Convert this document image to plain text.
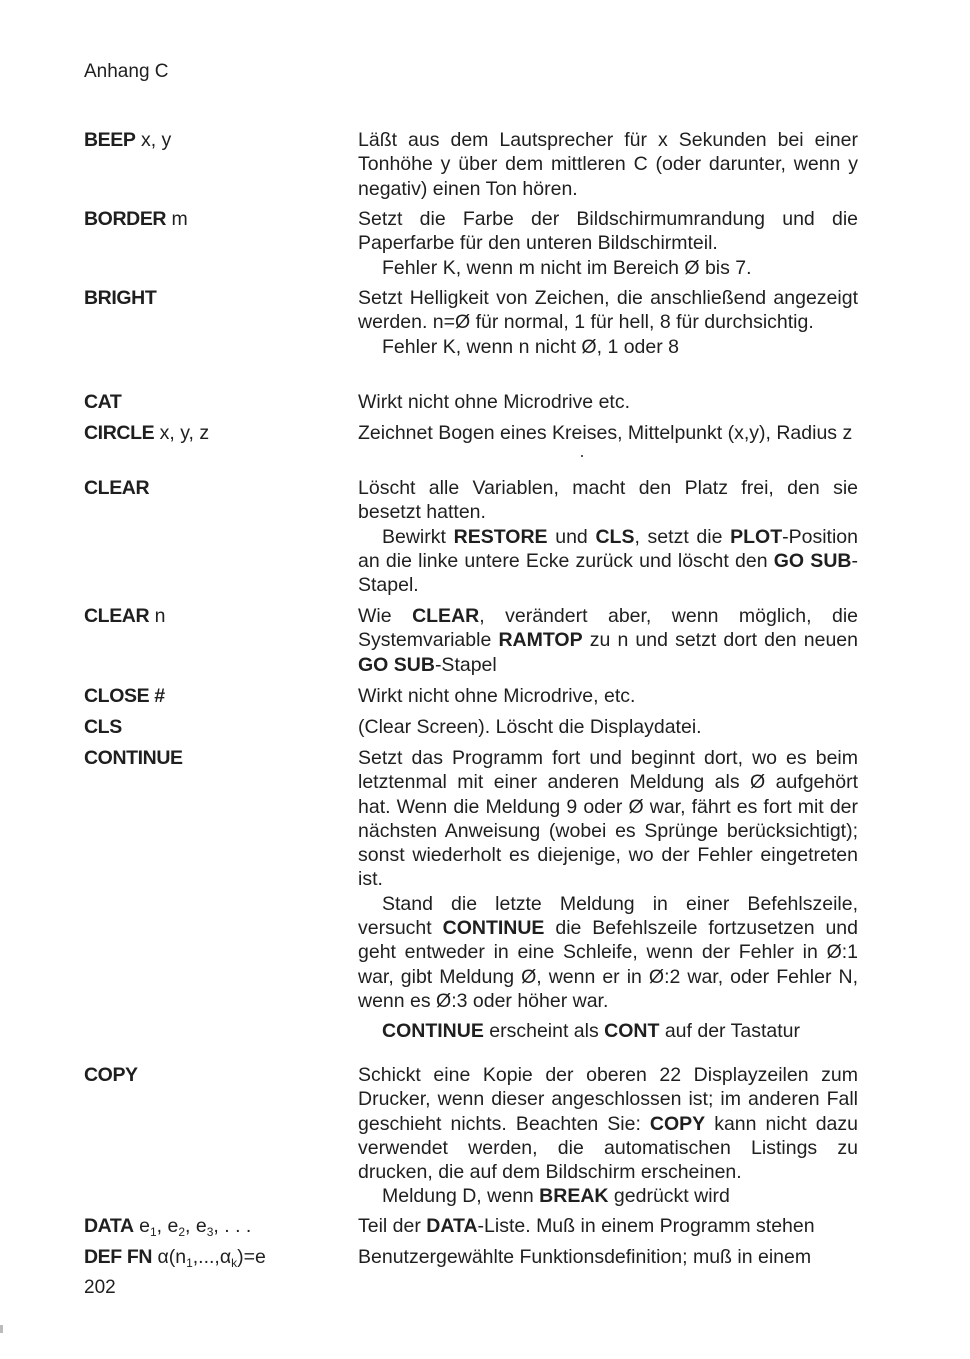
Anhang C
BEEP x, y	Läßt aus dem Lautsprecher für x Sekunden bei einer Tonhöhe y über dem mittleren C (oder darunter, wenn y negativ) einen Ton hören.

BORDER m	Setzt die Farbe der Bildschirmumrandung und die Paperfarbe für den unteren Bildschirmteil.

Fehler K, wenn m nicht im Bereich Ø bis 7.

BRIGHT	Setzt Helligkeit von Zeichen, die anschließend angezeigt werden. n=Ø für normal, 1 für hell, 8 für durchsichtig.

Fehler K, wenn n nicht Ø, 1 oder 8

CAT	Wirkt nicht ohne Microdrive etc.

CIRCLE x, y, z	Zeichnet Bogen eines Kreises, Mittelpunkt (x,y), Radius z

CLEAR	Löscht alle Variablen, macht den Platz frei, den sie besetzt hatten.

Bewirkt RESTORE und CLS, setzt die PLOT-Position an die linke untere Ecke zurück und löscht den GO SUB-Stapel.

CLEAR n	Wie CLEAR, verändert aber, wenn möglich, die Systemvariable RAMTOP zu n und setzt dort den neuen GO SUB-Stapel

CLOSE #	Wirkt nicht ohne Microdrive, etc.

CLS	(Clear Screen). Löscht die Displaydatei.

CONTINUE	Setzt das Programm fort und beginnt dort, wo es beim letztenmal mit einer anderen Meldung als Ø aufgehört hat. Wenn die Meldung 9 oder Ø war, fährt es fort mit der nächsten Anweisung (wobei es Sprünge berücksichtigt); sonst wiederholt es diejenige, wo der Fehler eingetreten ist.

Stand die letzte Meldung in einer Befehlszeile, versucht CONTINUE die Befehlszeile fortzusetzen und geht entweder in eine Schleife, wenn der Fehler in Ø:1 war, gibt Meldung Ø, wenn er in Ø:2 war, oder Fehler N, wenn es Ø:3 oder höher war.

CONTINUE erscheint als CONT auf der Tastatur

COPY	Schickt eine Kopie der oberen 22 Displayzeilen zum Drucker, wenn dieser angeschlossen ist; im anderen Fall geschieht nichts. Beachten Sie: COPY kann nicht dazu verwendet werden, die automatischen Listings zu drucken, die auf dem Bildschirm erscheinen.

Meldung D, wenn BREAK gedrückt wird

DATA $e_1$, $e_2$, $e_3$, . . .	Teil der DATA-Liste. Muß in einem Programm stehen

DEF FN $\alpha(n_1,...,\alpha_k)=e$	Benutzergewählte Funktionsdefinition; muß in einem

202
